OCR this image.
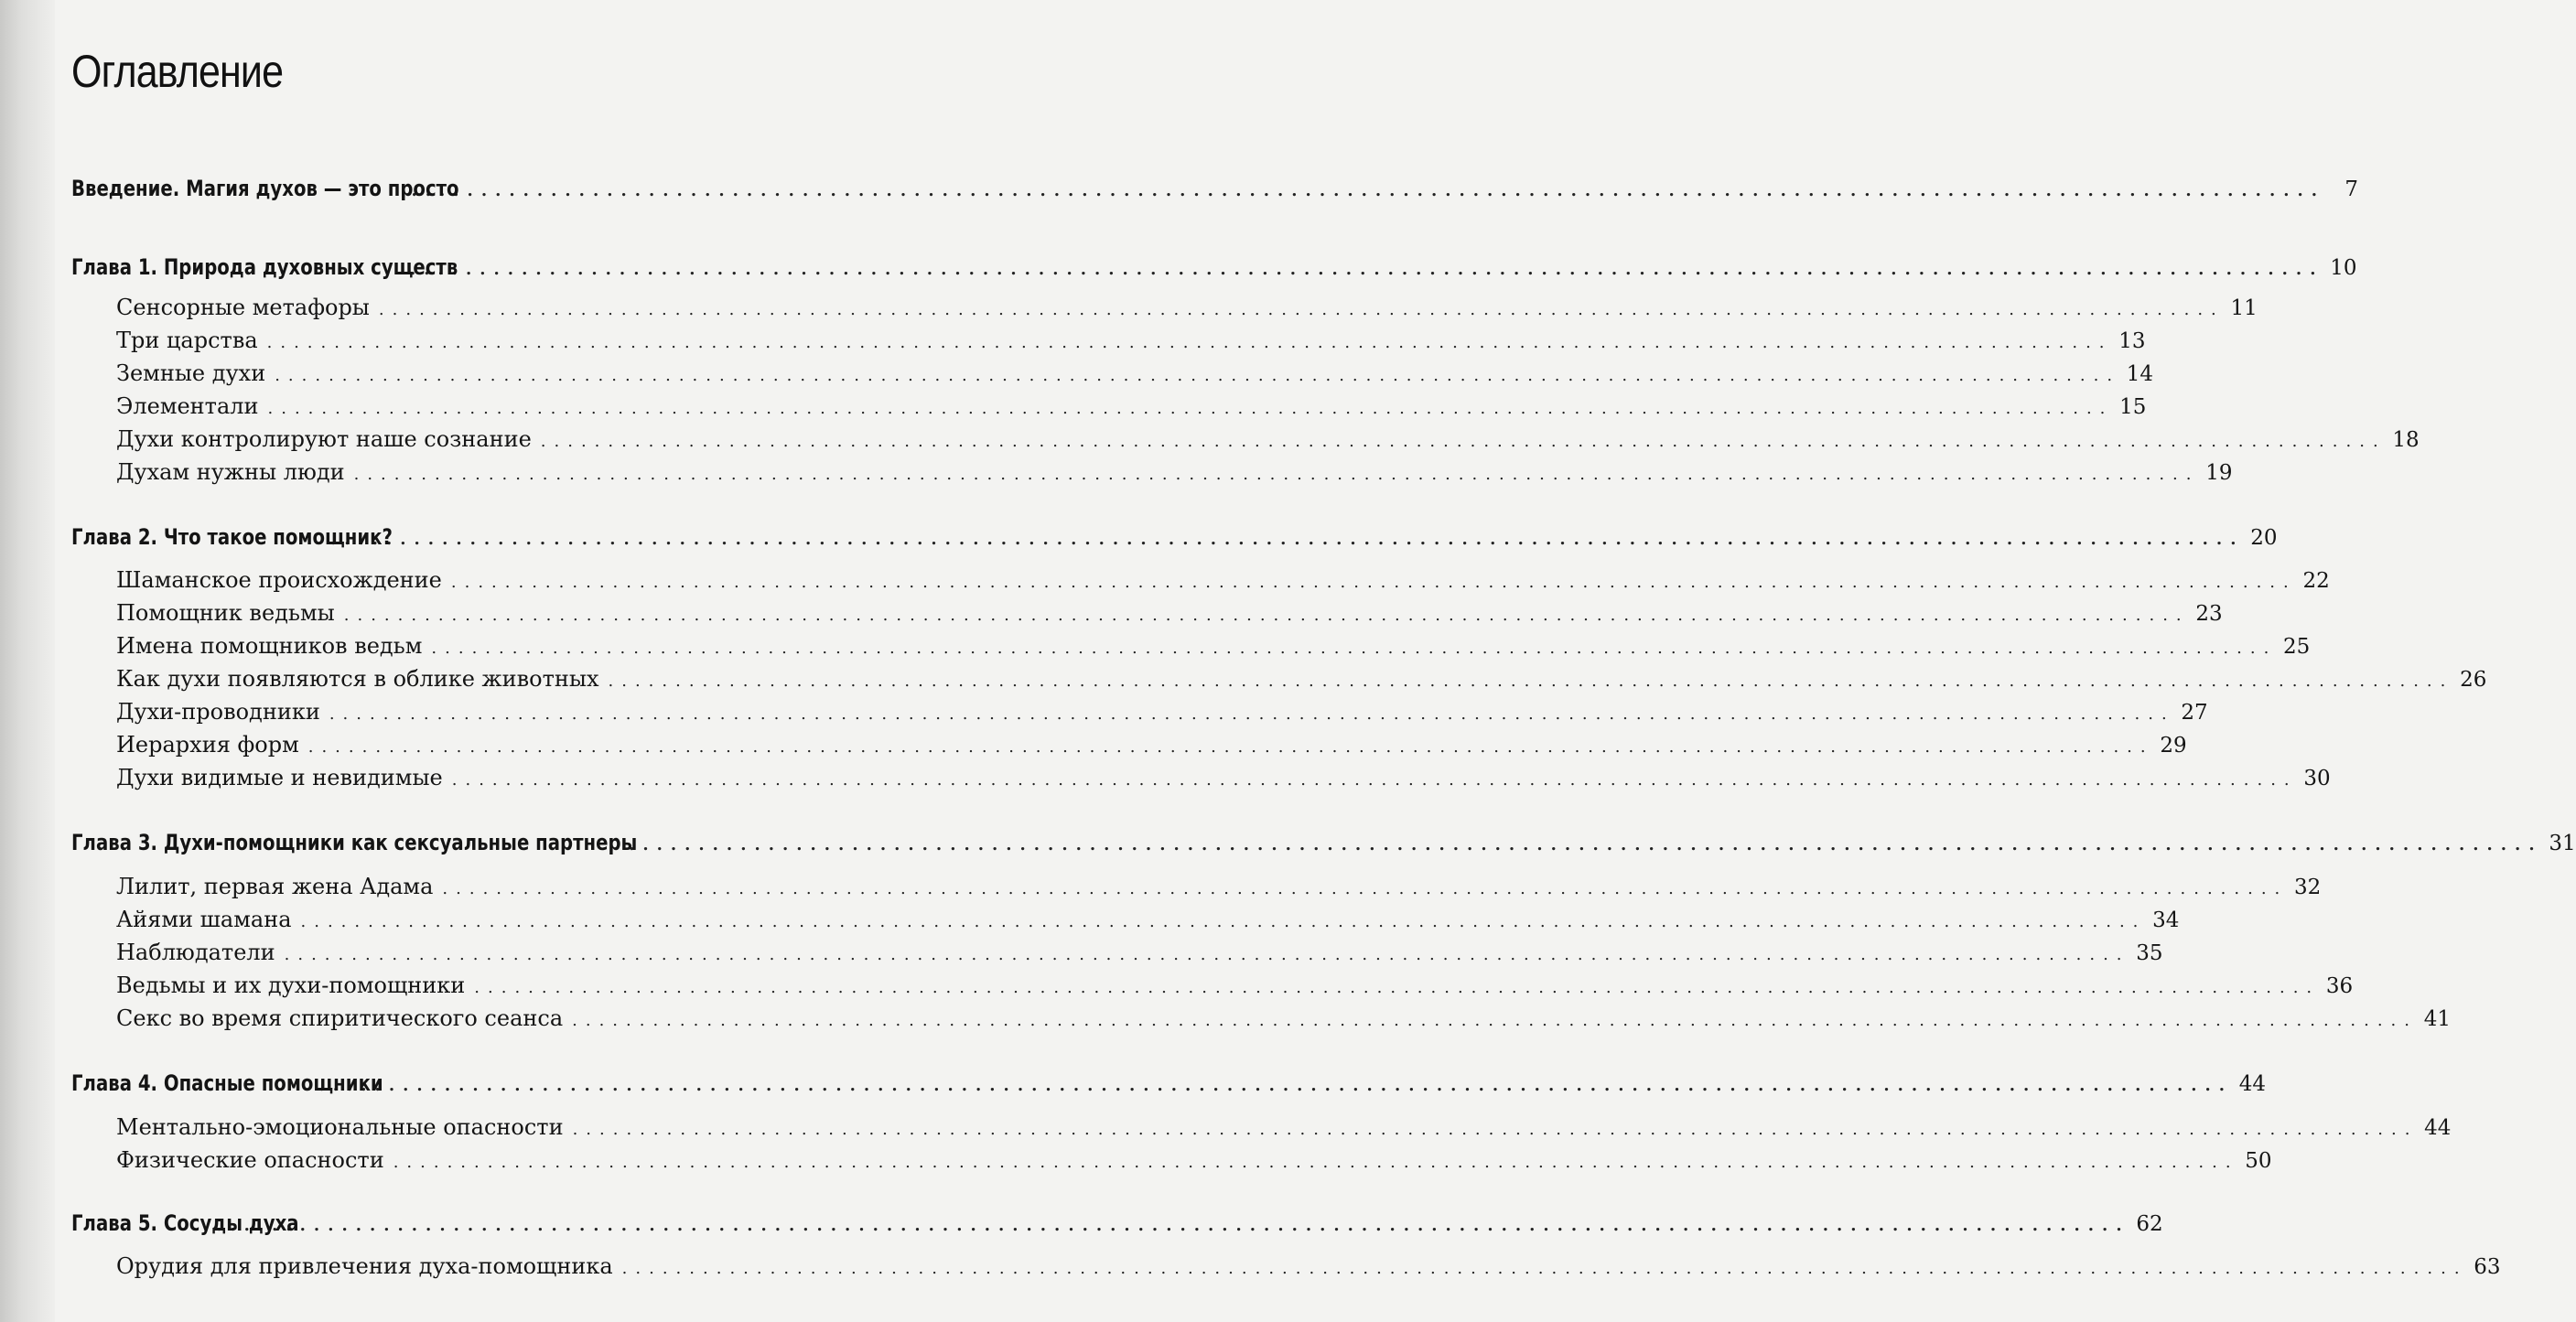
Оглавление
Введение. Магия духов — это просто
......................................................................................................................................... 7
Глава 1. Природа духовных существ
......................................................................................................................................... 10
Сенсорные метафоры ......................................................................................................................................... 11
Три царства ......................................................................................................................................... 13
Земные духи ......................................................................................................................................... 14
Элементали ......................................................................................................................................... 15
Духи контролируют наше сознание ......................................................................................................................................... 18
Духам нужны люди ......................................................................................................................................... 19
Глава 2. Что такое помощник?
......................................................................................................................................... 20
Шаманское происхождение ......................................................................................................................................... 22
Помощник ведьмы ......................................................................................................................................... 23
Имена помощников ведьм ......................................................................................................................................... 25
Как духи появляются в облике животных ......................................................................................................................................... 26
Духи-проводники ......................................................................................................................................... 27
Иерархия форм ......................................................................................................................................... 29
Духи видимые и невидимые ......................................................................................................................................... 30
Глава 3. Духи-помощники как сексуальные партнеры
......................................................................................................................................... 31
Лилит, первая жена Адама ......................................................................................................................................... 32
Айями шамана ......................................................................................................................................... 34
Наблюдатели ......................................................................................................................................... 35
Ведьмы и их духи-помощники ......................................................................................................................................... 36
Секс во время спиритического сеанса ......................................................................................................................................... 41
Глава 4. Опасные помощники
......................................................................................................................................... 44
Ментально-эмоциональные опасности ......................................................................................................................................... 44
Физические опасности ......................................................................................................................................... 50
Глава 5. Сосуды духа
......................................................................................................................................... 62
Орудия для привлечения духа-помощника ......................................................................................................................................... 63
